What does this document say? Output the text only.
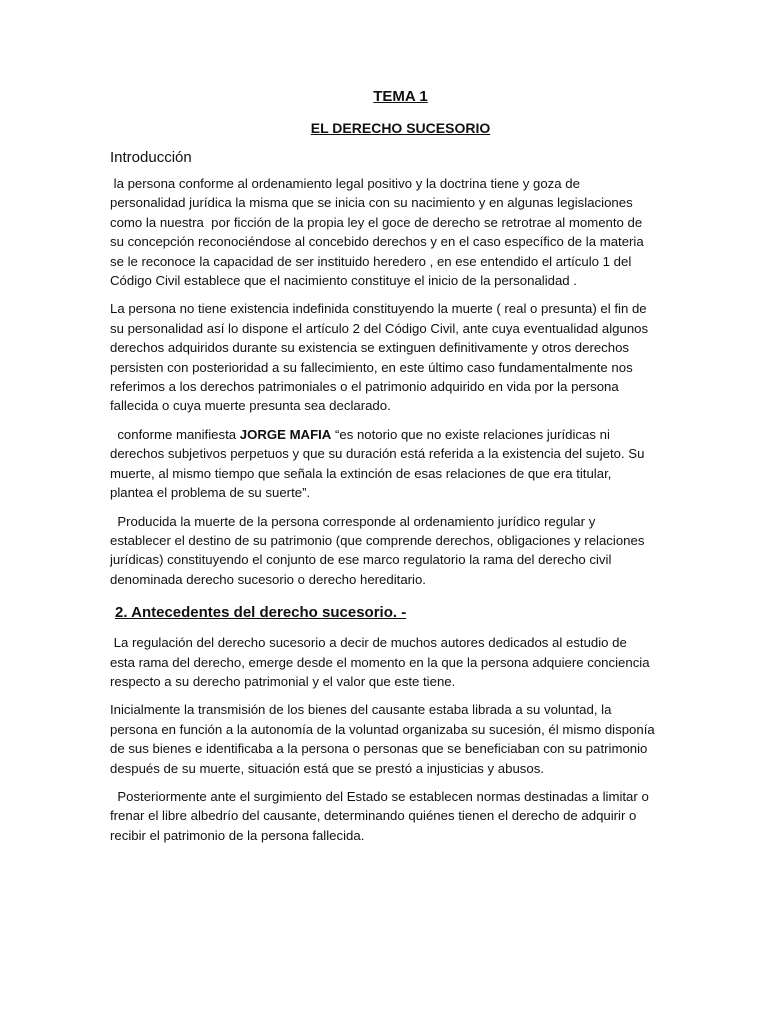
TEMA 1
EL DERECHO SUCESORIO
Introducción

la persona conforme al ordenamiento legal positivo y la doctrina tiene y goza de personalidad jurídica la misma que se inicia con su nacimiento y en algunas legislaciones como la nuestra  por ficción de la propia ley el goce de derecho se retrotrae al momento de su concepción reconociéndose al concebido derechos y en el caso específico de la materia se le reconoce la capacidad de ser instituido heredero , en ese entendido el artículo 1 del Código Civil establece que el nacimiento constituye el inicio de la personalidad .

La persona no tiene existencia indefinida constituyendo la muerte ( real o presunta) el fin de su personalidad así lo dispone el artículo 2 del Código Civil, ante cuya eventualidad algunos derechos adquiridos durante su existencia se extinguen definitivamente y otros derechos persisten con posterioridad a su fallecimiento, en este último caso fundamentalmente nos referimos a los derechos patrimoniales o el patrimonio adquirido en vida por la persona fallecida o cuya muerte presunta sea declarado.

conforme manifiesta JORGE MAFIA “es notorio que no existe relaciones jurídicas ni derechos subjetivos perpetuos y que su duración está referida a la existencia del sujeto. Su muerte, al mismo tiempo que señala la extinción de esas relaciones de que era titular, plantea el problema de su suerte”.

Producida la muerte de la persona corresponde al ordenamiento jurídico regular y establecer el destino de su patrimonio (que comprende derechos, obligaciones y relaciones jurídicas) constituyendo el conjunto de ese marco regulatorio la rama del derecho civil denominada derecho sucesorio o derecho hereditario.

2. Antecedentes del derecho sucesorio. -

La regulación del derecho sucesorio a decir de muchos autores dedicados al estudio de esta rama del derecho, emerge desde el momento en la que la persona adquiere conciencia respecto a su derecho patrimonial y el valor que este tiene.

Inicialmente la transmisión de los bienes del causante estaba librada a su voluntad, la persona en función a la autonomía de la voluntad organizaba su sucesión, él mismo disponía de sus bienes e identificaba a la persona o personas que se beneficiaban con su patrimonio después de su muerte, situación está que se prestó a injusticias y abusos.

Posteriormente ante el surgimiento del Estado se establecen normas destinadas a limitar o frenar el libre albedrío del causante, determinando quiénes tienen el derecho de adquirir o recibir el patrimonio de la persona fallecida.
